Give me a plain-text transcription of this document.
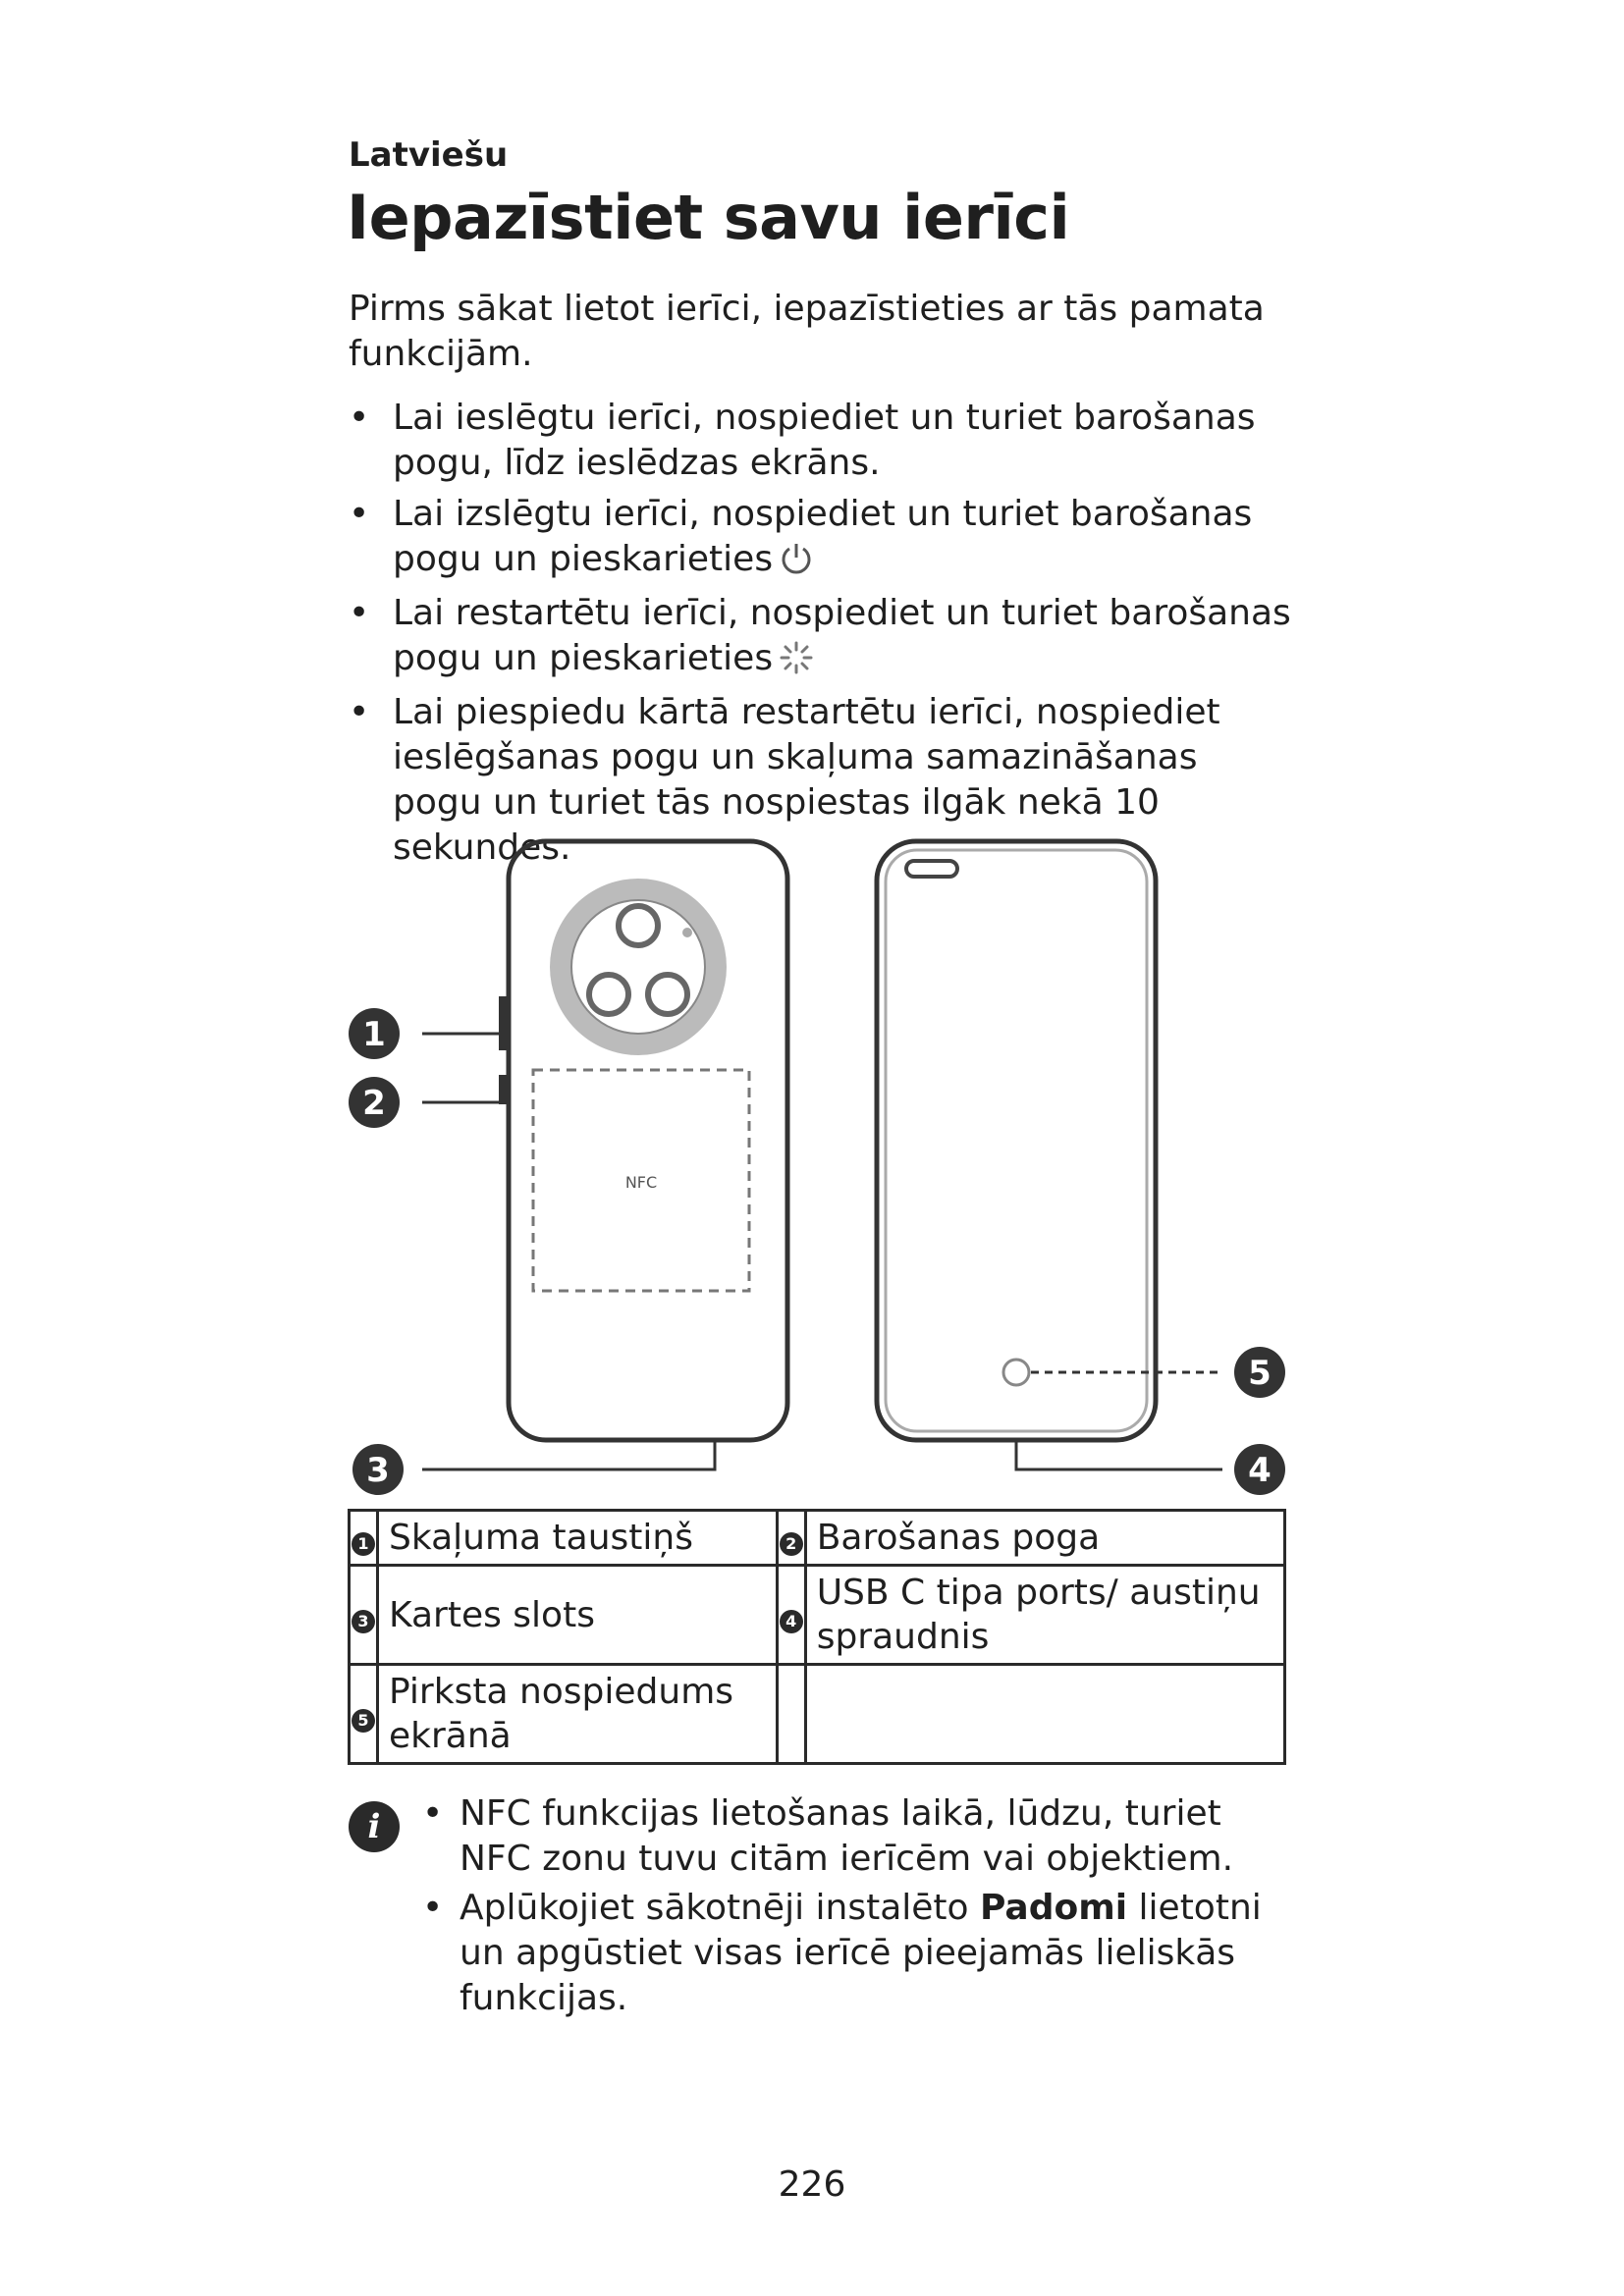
Latviešu
Iepazīstiet savu ierīci
Pirms sākat lietot ierīci, iepazīstieties ar tās pamata funkcijām.
• Lai ieslēgtu ierīci, nospiediet un turiet barošanas pogu, līdz ieslēdzas ekrāns.
• Lai izslēgtu ierīci, nospiediet un turiet barošanas pogu un pieskarieties
• Lai restartētu ierīci, nospiediet un turiet barošanas pogu un pieskarieties
• Lai piespiedu kārtā restartētu ierīci, nospiediet ieslēgšanas pogu un skaļuma samazināšanas pogu un turiet tās nospiestas ilgāk nekā 10 sekundes.
NFC
1
2
3	4
5
1	Skaļuma taustiņš	2	Barošanas poga
3	Kartes slots	4	USB C tipa ports/ austiņu spraudnis
5	Pirksta nospiedums ekrānā		
i	• NFC funkcijas lietošanas laikā, lūdzu, turiet NFC zonu tuvu citām ierīcēm vai objektiem.
• Aplūkojiet sākotnēji instalēto Padomi lietotni un apgūstiet visas ierīcē pieejamās lieliskās funkcijas.
226
